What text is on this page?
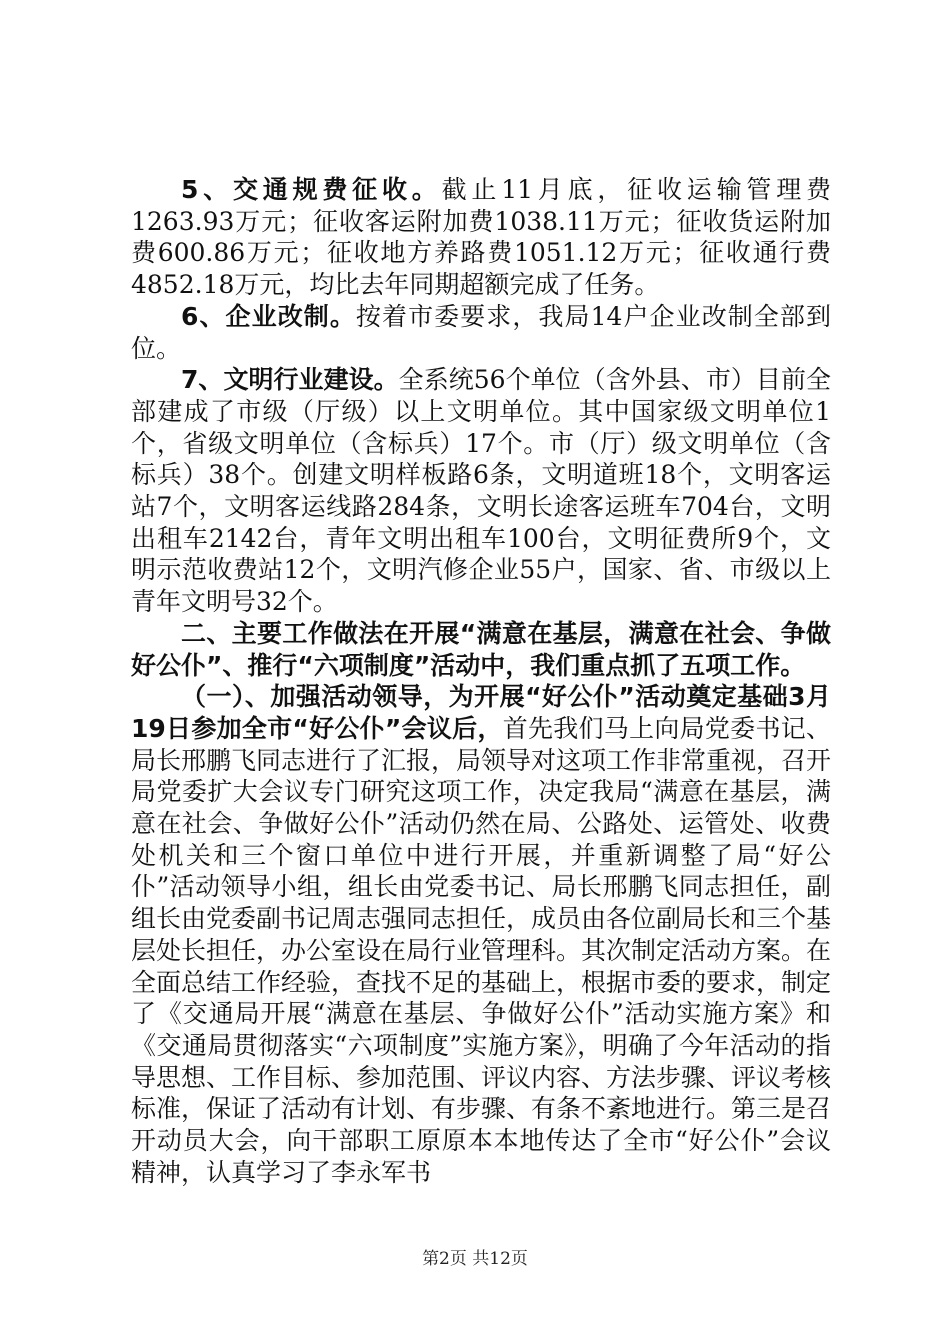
5、交通规费征收。截止11月底，征收运输管理费1263.93万元；征收客运附加费1038.11万元；征收货运附加费600.86万元；征收地方养路费1051.12万元；征收通行费4852.18万元，均比去年同期超额完成了任务。

6、企业改制。按着市委要求，我局14户企业改制全部到位。

7、文明行业建设。全系统56个单位（含外县、市）目前全部建成了市级（厅级）以上文明单位。其中国家级文明单位1个，省级文明单位（含标兵）17个。市（厅）级文明单位（含标兵）38个。创建文明样板路6条，文明道班18个，文明客运站7个，文明客运线路284条，文明长途客运班车704台，文明出租车2142台，青年文明出租车100台，文明征费所9个，文明示范收费站12个，文明汽修企业55户，国家、省、市级以上青年文明号32个。

二、主要工作做法在开展“满意在基层，满意在社会、争做好公仆”、推行“六项制度”活动中，我们重点抓了五项工作。

（一）、加强活动领导，为开展“好公仆”活动奠定基础3月19日参加全市“好公仆”会议后，首先我们马上向局党委书记、局长邢鹏飞同志进行了汇报，局领导对这项工作非常重视，召开局党委扩大会议专门研究这项工作，决定我局“满意在基层，满意在社会、争做好公仆”活动仍然在局、公路处、运管处、收费处机关和三个窗口单位中进行开展，并重新调整了局“好公仆”活动领导小组，组长由党委书记、局长邢鹏飞同志担任，副组长由党委副书记周志强同志担任，成员由各位副局长和三个基层处长担任，办公室设在局行业管理科。其次制定活动方案。在全面总结工作经验，查找不足的基础上，根据市委的要求，制定了《交通局开展“满意在基层、争做好公仆”活动实施方案》和《交通局贯彻落实“六项制度”实施方案》，明确了今年活动的指导思想、工作目标、参加范围、评议内容、方法步骤、评议考核标准，保证了活动有计划、有步骤、有条不紊地进行。第三是召开动员大会，向干部职工原原本本地传达了全市“好公仆”会议精神，认真学习了李永军书

第2页 共12页
